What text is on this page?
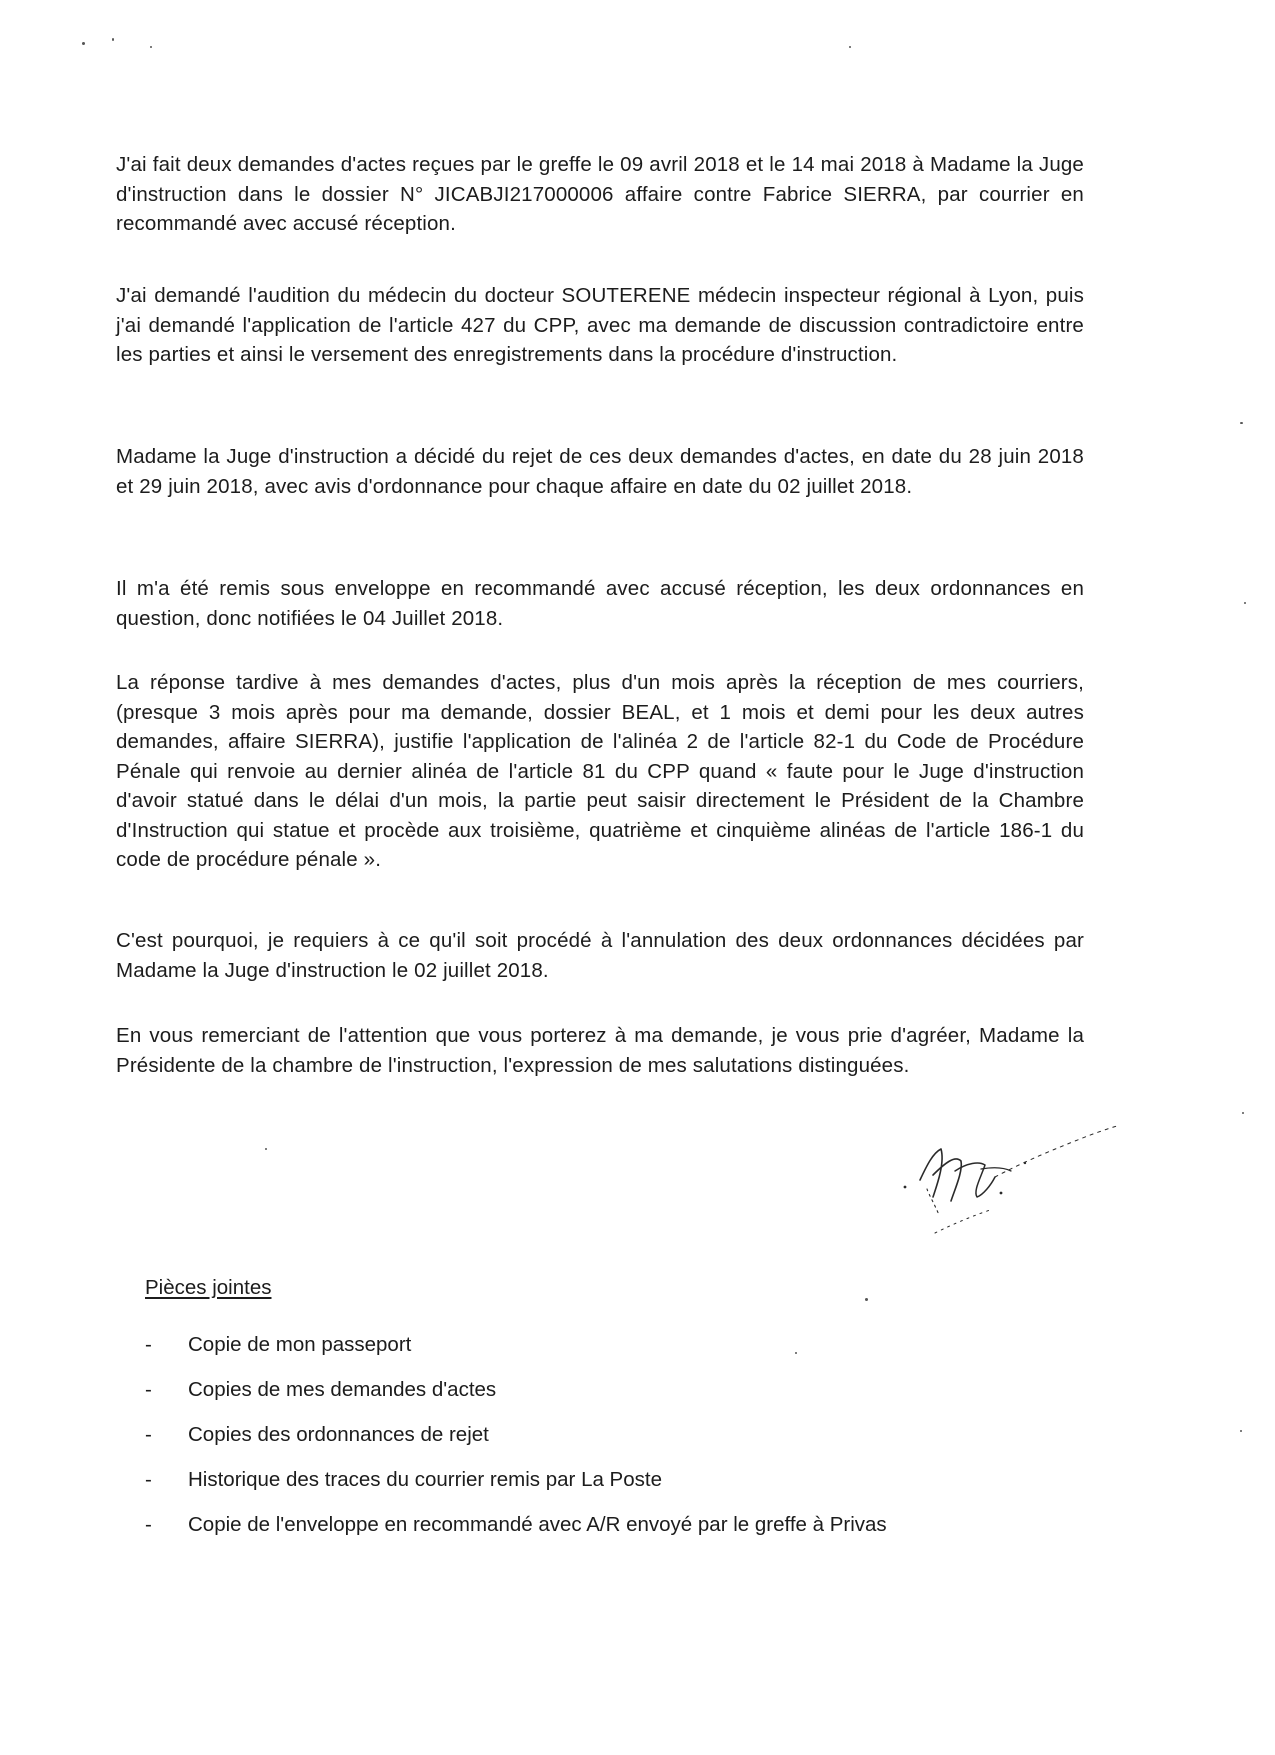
J'ai fait deux demandes d'actes reçues par le greffe le 09 avril 2018 et le 14 mai 2018 à Madame la Juge d'instruction dans le dossier N° JICABJI217000006 affaire contre Fabrice SIERRA, par courrier en recommandé avec accusé réception.
J'ai demandé l'audition du médecin du docteur SOUTERENE médecin inspecteur régional à Lyon, puis j'ai demandé l'application de l'article 427 du CPP, avec ma demande de discussion contradictoire entre les parties et ainsi le versement des enregistrements dans la procédure d'instruction.
Madame la Juge d'instruction a décidé du rejet de ces deux demandes d'actes, en date du 28 juin 2018 et 29 juin 2018, avec avis d'ordonnance pour chaque affaire en date du 02 juillet 2018.
Il m'a été remis sous enveloppe en recommandé avec accusé réception, les deux ordonnances en question, donc notifiées le 04 Juillet 2018.
La réponse tardive à mes demandes d'actes, plus d'un mois après la réception de mes courriers, (presque 3 mois après pour ma demande, dossier BEAL, et 1 mois et demi pour les deux autres demandes, affaire SIERRA), justifie l'application de l'alinéa 2 de l'article 82-1 du Code de Procédure Pénale qui renvoie au dernier alinéa de l'article 81 du CPP quand « faute pour le Juge d'instruction d'avoir statué dans le délai d'un mois, la partie peut saisir directement le Président de la Chambre d'Instruction qui statue et procède aux troisième, quatrième et cinquième alinéas de l'article 186-1 du code de procédure pénale ».
C'est pourquoi, je requiers à ce qu'il soit procédé à l'annulation des deux ordonnances décidées par Madame la Juge d'instruction le 02 juillet 2018.
En vous remerciant de l'attention que vous porterez à ma demande, je vous prie d'agréer, Madame la Présidente de la chambre de l'instruction, l'expression de mes salutations distinguées.
Pièces jointes
-	Copie de mon passeport
-	Copies de mes demandes d'actes
-	Copies des ordonnances de rejet
-	Historique des traces du courrier remis par La Poste
-	Copie de l'enveloppe en recommandé avec A/R envoyé par le greffe à Privas
